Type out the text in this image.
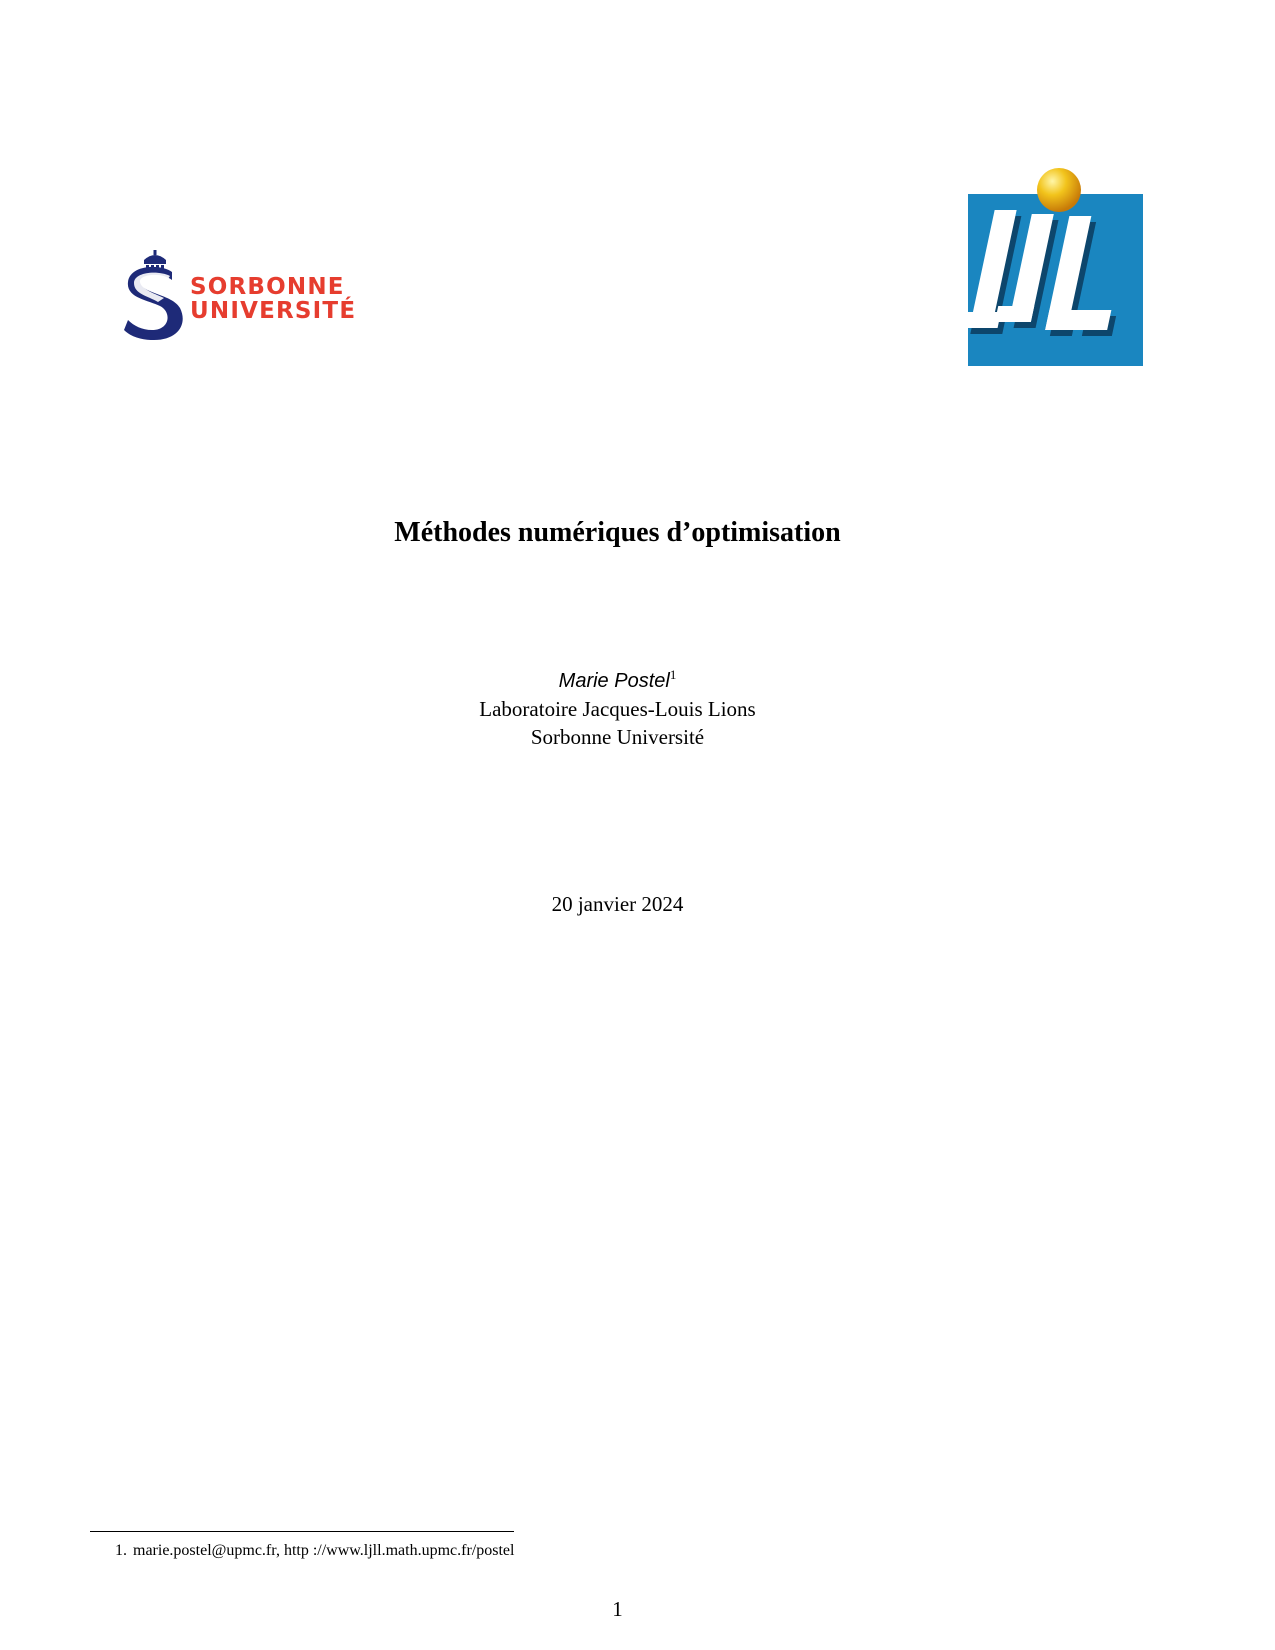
SORBONNE
UNIVERSITÉ
Méthodes numériques d’optimisation
Marie Postel$^1$
Laboratoire Jacques-Louis Lions
Sorbonne Université
20 janvier 2024
1. marie.postel@upmc.fr, http ://www.ljll.math.upmc.fr/postel
1
